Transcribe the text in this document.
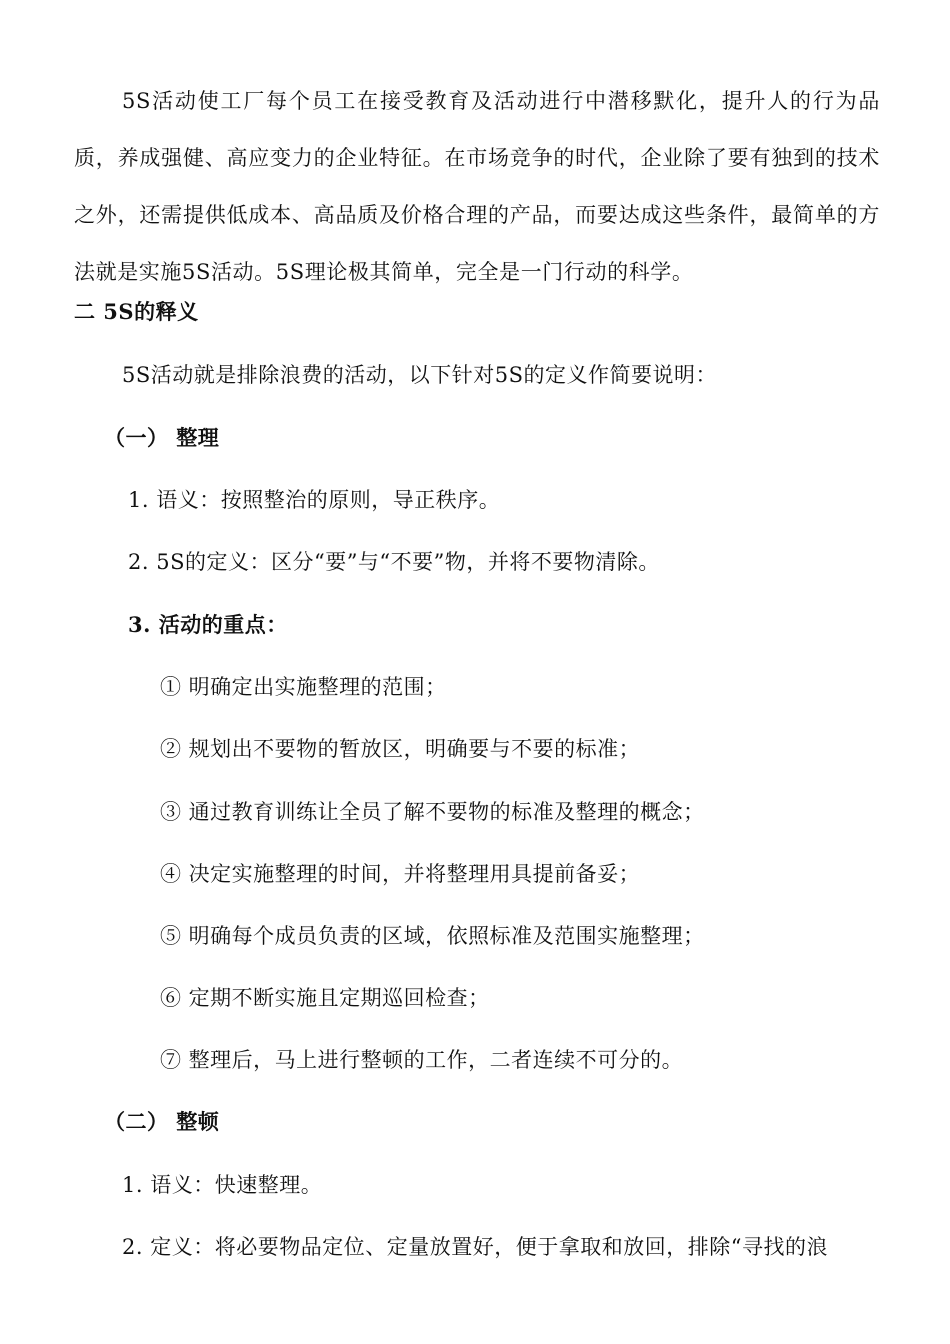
5S活动使工厂每个员工在接受教育及活动进行中潜移默化，提升人的行为品质，养成强健、高应变力的企业特征。在市场竞争的时代，企业除了要有独到的技术之外，还需提供低成本、高品质及价格合理的产品，而要达成这些条件，最简单的方法就是实施5S活动。5S理论极其简单，完全是一门行动的科学。
二 5S的释义
5S活动就是排除浪费的活动，以下针对5S的定义作简要说明：
（一） 整理
1. 语义：按照整治的原则，导正秩序。
2. 5S的定义：区分“要”与“不要”物，并将不要物清除。
3. 活动的重点：
① 明确定出实施整理的范围；
② 规划出不要物的暂放区，明确要与不要的标准；
③ 通过教育训练让全员了解不要物的标准及整理的概念；
④ 决定实施整理的时间，并将整理用具提前备妥；
⑤ 明确每个成员负责的区域，依照标准及范围实施整理；
⑥ 定期不断实施且定期巡回检查；
⑦ 整理后，马上进行整顿的工作，二者连续不可分的。
（二） 整顿
1. 语义：快速整理。
2. 定义：将必要物品定位、定量放置好，便于拿取和放回，排除“寻找的浪
